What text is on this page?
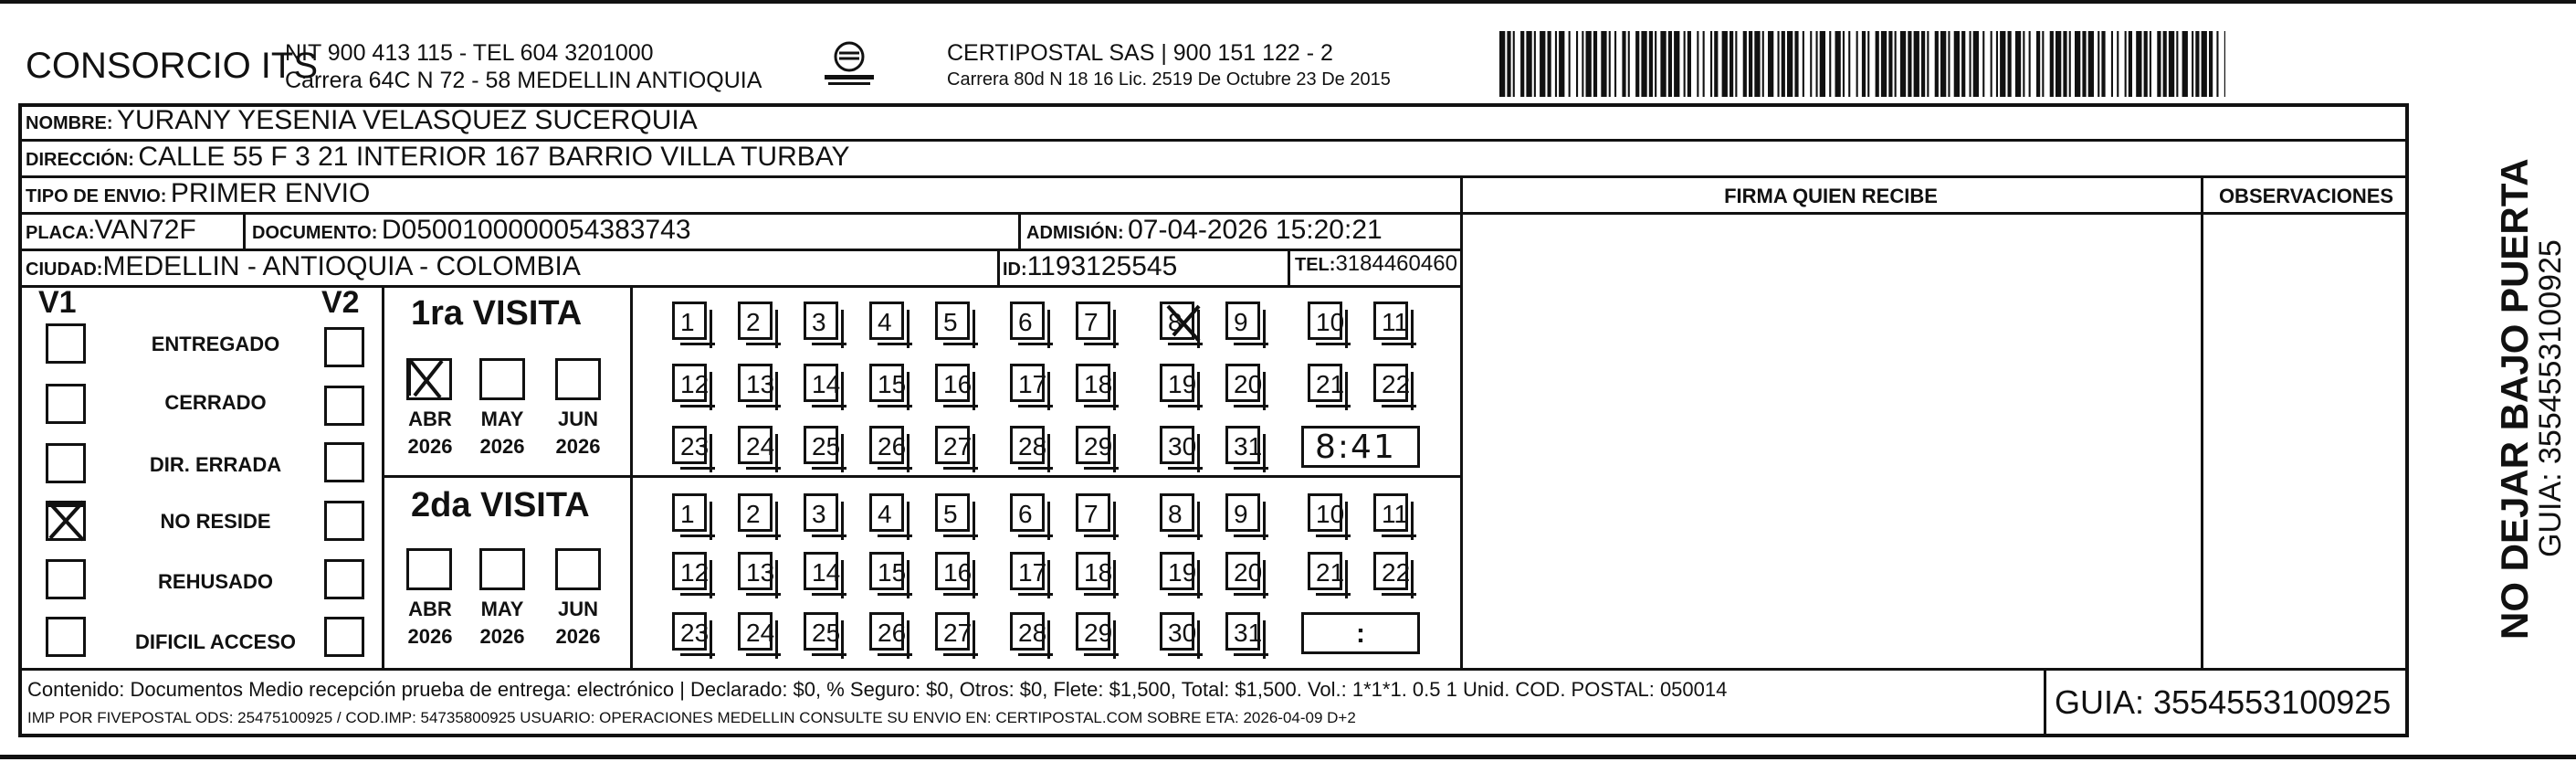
CONSORCIO ITS
NIT 900 413 115 - TEL 604 3201000
Carrera 64C N 72 - 58 MEDELLIN ANTIOQUIA
CERTIPOSTAL SAS | 900 151 122 - 2
Carrera 80d N 18 16 Lic. 2519 De Octubre 23 De 2015
NOMBRE: YURANY YESENIA VELASQUEZ SUCERQUIA
DIRECCIÓN: CALLE 55 F 3 21 INTERIOR 167 BARRIO VILLA TURBAY
TIPO DE ENVIO: PRIMER ENVIO	FIRMA QUIEN RECIBE	OBSERVACIONES
PLACA:VAN72F	DOCUMENTO: D0500100000054383743	ADMISIÓN: 07-04-2026 15:20:21
CIUDAD:MEDELLIN - ANTIOQUIA - COLOMBIA	ID:1193125545	TEL:3184460460
V1	V2
ENTREGADO
CERRADO
DIR. ERRADA
NO RESIDE
REHUSADO
DIFICIL ACCESO
1ra VISITA
ABR	MAY	JUN
2026	2026	2026
2da VISITA
ABR	MAY	JUN
2026	2026	2026
1	2	3	4	5	6	7	8	9	10	11
12	13	14	15	16	17	18	19	20	21	22
23	24	25	26	27	28	29	30	31
1	2	3	4	5	6	7	8	9	10	11
12	13	14	15	16	17	18	19	20	21	22
23	24	25	26	27	28	29	30	31
8:41
:
Contenido: Documentos Medio recepción prueba de entrega: electrónico | Declarado: $0, % Seguro: $0, Otros: $0, Flete: $1,500, Total: $1,500. Vol.: 1*1*1. 0.5 1 Unid. COD. POSTAL: 050014
IMP POR FIVEPOSTAL ODS: 25475100925 / COD.IMP: 54735800925 USUARIO: OPERACIONES MEDELLIN CONSULTE SU ENVIO EN: CERTIPOSTAL.COM SOBRE ETA: 2026-04-09 D+2	GUIA: 3554553100925
NO DEJAR BAJO PUERTA
GUIA: 3554553100925
